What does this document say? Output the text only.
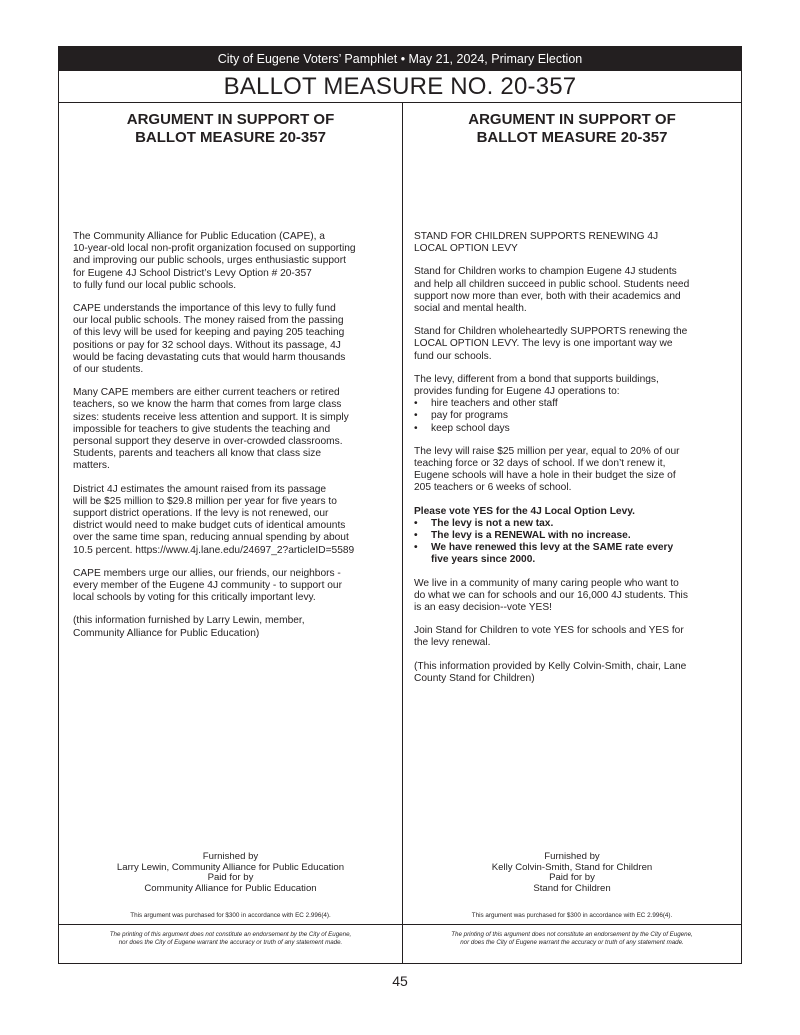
City of Eugene Voters’ Pamphlet • May 21, 2024, Primary Election
BALLOT MEASURE NO. 20-357
ARGUMENT IN SUPPORT OF
BALLOT MEASURE 20-357

The Community Alliance for Public Education (CAPE), a
10-year-old local non-profit organization focused on supporting
and improving our public schools, urges enthusiastic support
for Eugene 4J School District’s Levy Option # 20-357
to fully fund our local public schools.

CAPE understands the importance of this levy to fully fund
our local public schools. The money raised from the passing
of this levy will be used for keeping and paying 205 teaching
positions or pay for 32 school days. Without its passage, 4J
would be facing devastating cuts that would harm thousands
of our students.

Many CAPE members are either current teachers or retired
teachers, so we know the harm that comes from large class
sizes: students receive less attention and support. It is simply
impossible for teachers to give students the teaching and
personal support they deserve in over-crowded classrooms.
Students, parents and teachers all know that class size
matters.

District 4J estimates the amount raised from its passage
will be $25 million to $29.8 million per year for five years to
support district operations. If the levy is not renewed, our
district would need to make budget cuts of identical amounts
over the same time span, reducing annual spending by about
10.5 percent. https://www.4j.lane.edu/24697_2?articleID=5589

CAPE members urge our allies, our friends, our neighbors -
every member of the Eugene 4J community - to support our
local schools by voting for this critically important levy.

(this information furnished by Larry Lewin, member,
Community Alliance for Public Education)

Furnished by
Larry Lewin, Community Alliance for Public Education
Paid for by
Community Alliance for Public Education
This argument was purchased for $300 in accordance with EC 2.996(4).
The printing of this argument does not constitute an endorsement by the City of Eugene,
nor does the City of Eugene warrant the accuracy or truth of any statement made.
ARGUMENT IN SUPPORT OF
BALLOT MEASURE 20-357

STAND FOR CHILDREN SUPPORTS RENEWING 4J
LOCAL OPTION LEVY

Stand for Children works to champion Eugene 4J students
and help all children succeed in public school. Students need
support now more than ever, both with their academics and
social and mental health.

Stand for Children wholeheartedly SUPPORTS renewing the
LOCAL OPTION LEVY. The levy is one important way we
fund our schools.

The levy, different from a bond that supports buildings,
provides funding for Eugene 4J operations to:

• hire teachers and other staff
• pay for programs
• keep school days

The levy will raise $25 million per year, equal to 20% of our
teaching force or 32 days of school. If we don’t renew it,
Eugene schools will have a hole in their budget the size of
205 teachers or 6 weeks of school.

Please vote YES for the 4J Local Option Levy.

• The levy is not a new tax.
• The levy is a RENEWAL with no increase.
• We have renewed this levy at the SAME rate every
five years since 2000.

We live in a community of many caring people who want to
do what we can for schools and our 16,000 4J students. This
is an easy decision--vote YES!

Join Stand for Children to vote YES for schools and YES for
the levy renewal.

(This information provided by Kelly Colvin-Smith, chair, Lane
County Stand for Children)

Furnished by
Kelly Colvin-Smith, Stand for Children
Paid for by
Stand for Children
This argument was purchased for $300 in accordance with EC 2.996(4).
The printing of this argument does not constitute an endorsement by the City of Eugene,
nor does the City of Eugene warrant the accuracy or truth of any statement made.
45
